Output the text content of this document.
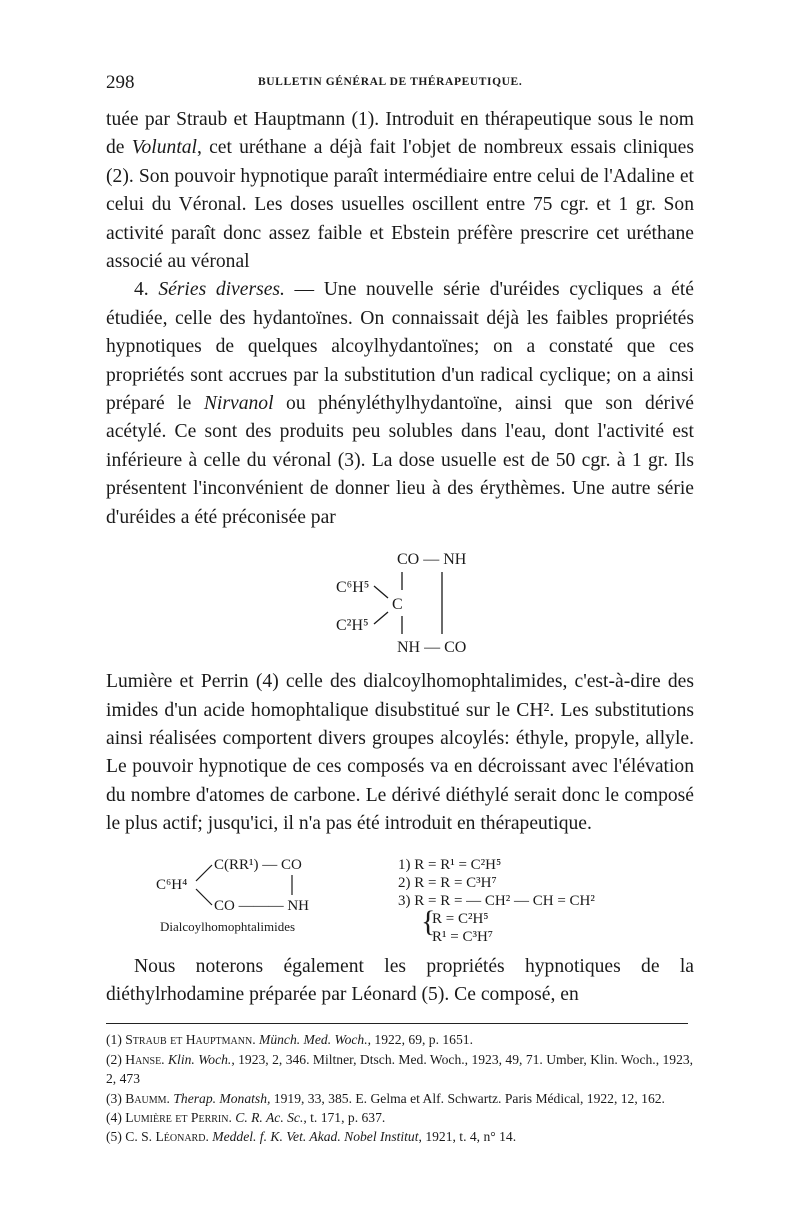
298	BULLETIN GÉNÉRAL DE THÉRAPEUTIQUE.

tuée par Straub et Hauptmann (1). Introduit en thérapeutique sous le nom de Voluntal, cet uréthane a déjà fait l'objet de nombreux essais cliniques (2). Son pouvoir hypnotique paraît intermédiaire entre celui de l'Adaline et celui du Véronal. Les doses usuelles oscillent entre 75 cgr. et 1 gr. Son activité paraît donc assez faible et Ebstein préfère prescrire cet uréthane associé au véronal

4. Séries diverses. — Une nouvelle série d'uréides cycliques a été étudiée, celle des hydantoïnes. On connaissait déjà les faibles propriétés hypnotiques de quelques alcoylhydantoïnes; on a constaté que ces propriétés sont accrues par la substitution d'un radical cyclique; on a ainsi préparé le Nirvanol ou phényléthylhydantoïne, ainsi que son dérivé acétylé. Ce sont des produits peu solubles dans l'eau, dont l'activité est inférieure à celle du véronal (3). La dose usuelle est de 50 cgr. à 1 gr. Ils présentent l'inconvénient de donner lieu à des érythèmes. Une autre série d'uréides a été préconisée par

CO — NH
C⁶H⁵
C
C²H⁵
NH — CO

Lumière et Perrin (4) celle des dialcoylhomophtalimides, c'est-à-dire des imides d'un acide homophtalique disubstitué sur le CH². Les substitutions ainsi réalisées comportent divers groupes alcoylés: éthyle, propyle, allyle. Le pouvoir hypnotique de ces composés va en décroissant avec l'élévation du nombre d'atomes de carbone. Le dérivé diéthylé serait donc le composé le plus actif; jusqu'ici, il n'a pas été introduit en thérapeutique.

C(RR¹) — CO
C⁶H⁴
CO ——— NH
Dialcoylhomophtalimides
1) R = R¹ = C²H⁵
2) R = R = C³H⁷
3) R = R = — CH² — CH = CH²
R = C²H⁵
R¹ = C³H⁷
{

Nous noterons également les propriétés hypnotiques de la diéthylrhodamine préparée par Léonard (5). Ce composé, en

(1) Straub et Hauptmann. Münch. Med. Woch., 1922, 69, p. 1651.

(2) Hanse. Klin. Woch., 1923, 2, 346. Miltner, Dtsch. Med. Woch., 1923, 49, 71. Umber, Klin. Woch., 1923, 2, 473

(3) Baumm. Therap. Monatsh, 1919, 33, 385. E. Gelma et Alf. Schwartz. Paris Médical, 1922, 12, 162.

(4) Lumière et Perrin. C. R. Ac. Sc., t. 171, p. 637.

(5) C. S. Léonard. Meddel. f. K. Vet. Akad. Nobel Institut, 1921, t. 4, n° 14.
